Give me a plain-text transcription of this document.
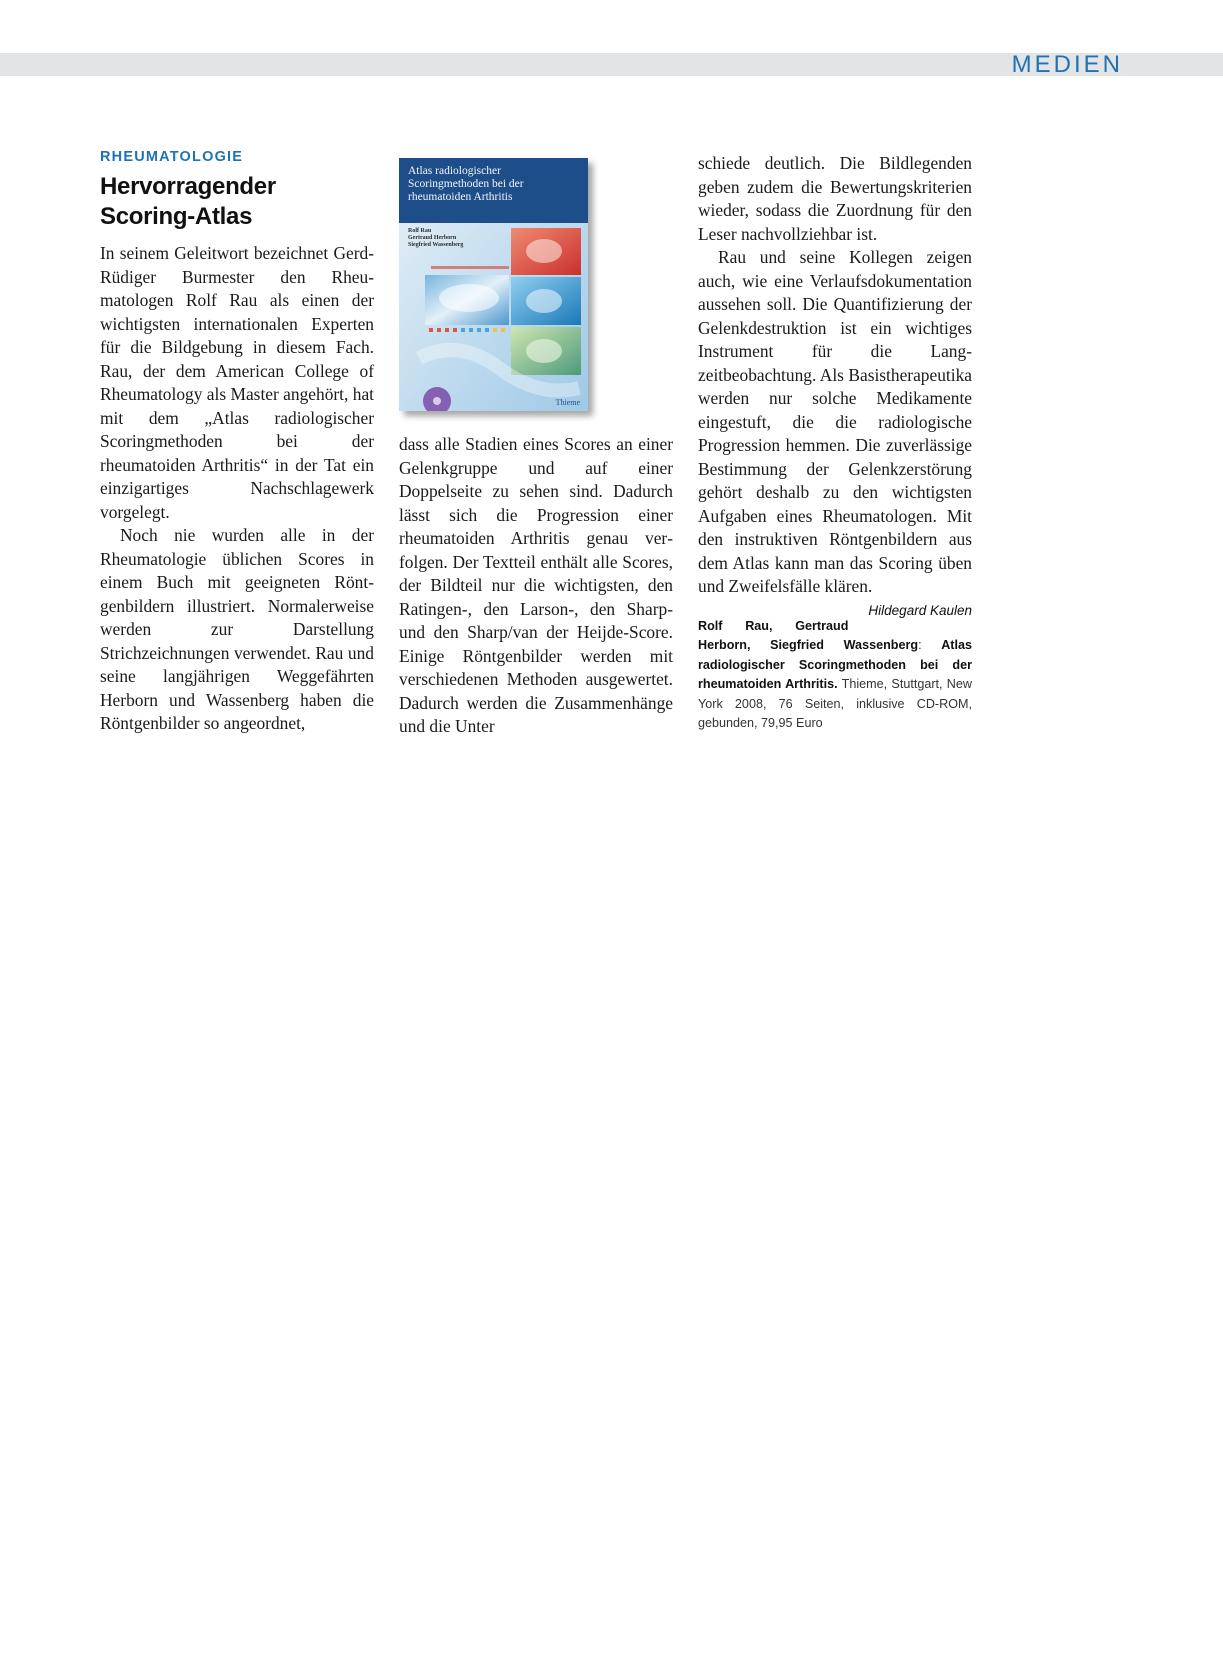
MEDIEN
RHEUMATOLOGIE
Hervorragender
Scoring-Atlas

In seinem Geleitwort bezeichnet Gerd-Rüdiger Burmester den Rheumatologen Rolf Rau als einen der wichtigsten internationalen Experten für die Bildgebung in diesem Fach. Rau, der dem American College of Rheumatology als Master angehört, hat mit dem „Atlas radiologischer Scoringmethoden bei der rheumatoiden Arthritis“ in der Tat ein einzigartiges Nachschlagewerk vorgelegt.

Noch nie wurden alle in der Rheumatologie üblichen Scores in einem Buch mit geeigneten Röntgenbildern illustriert. Normalerweise werden zur Darstellung Strichzeichnungen verwendet. Rau und seine langjährigen Weggefährten Herborn und Wassenberg haben die Röntgenbilder so angeordnet,

Atlas radiologischer Scoringmethoden bei der rheumatoiden Arthritis
Rolf Rau
Gertraud Herborn
Siegfried Wassenberg
Thieme

dass alle Stadien eines Scores an einer Gelenkgruppe und auf einer Doppelseite zu sehen sind. Dadurch lässt sich die Progression einer rheumatoiden Arthritis genau verfolgen. Der Textteil enthält alle Scores, der Bildteil nur die wichtigsten, den Ratingen-, den Larson-, den Sharp- und den Sharp/van der Heijde-Score. Einige Röntgenbilder werden mit verschiedenen Methoden ausgewertet. Dadurch werden die Zusammenhänge und die Unter

schiede deutlich. Die Bildlegenden geben zudem die Bewertungskriterien wieder, sodass die Zuordnung für den Leser nachvollziehbar ist.

Rau und seine Kollegen zeigen auch, wie eine Verlaufsdokumentation aussehen soll. Die Quantifizierung der Gelenkdestruktion ist ein wichtiges Instrument für die Langzeitbeobachtung. Als Basistherapeutika werden nur solche Medikamente eingestuft, die die radiologische Progression hemmen. Die zuverlässige Bestimmung der Gelenkzerstörung gehört deshalb zu den wichtigsten Aufgaben eines Rheumatologen. Mit den instruktiven Röntgenbildern aus dem Atlas kann man das Scoring üben und Zweifelsfälle klären.
Hildegard Kaulen

Rolf Rau, Gertraud Herborn, Siegfried Wassenberg: Atlas radiologischer Scoringmethoden bei der rheumatoiden Arthritis. Thieme, Stuttgart, New York 2008, 76 Seiten, inklusive CD-ROM, gebunden, 79,95 Euro
